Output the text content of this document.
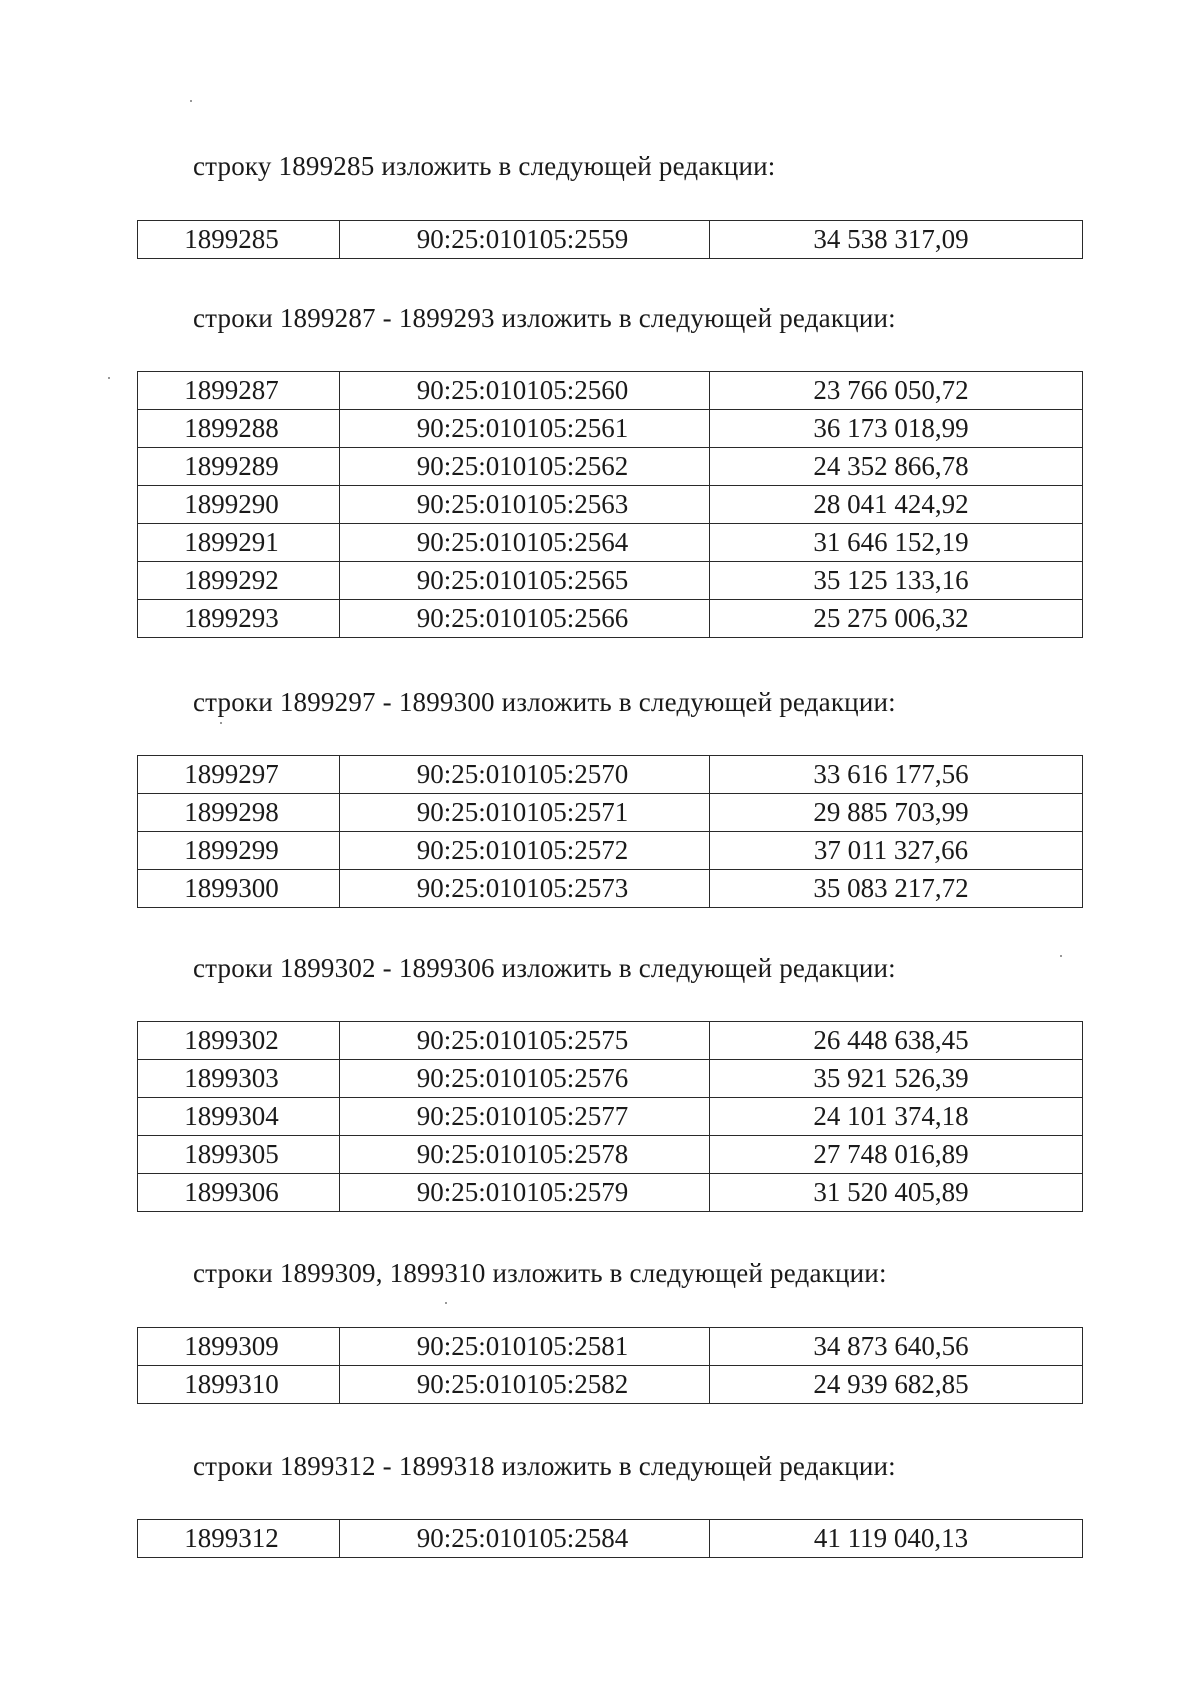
строку 1899285 изложить в следующей редакции:
1899285	90:25:010105:2559	34 538 317,09
строки 1899287 - 1899293 изложить в следующей редакции:
1899287	90:25:010105:2560	23 766 050,72
1899288	90:25:010105:2561	36 173 018,99
1899289	90:25:010105:2562	24 352 866,78
1899290	90:25:010105:2563	28 041 424,92
1899291	90:25:010105:2564	31 646 152,19
1899292	90:25:010105:2565	35 125 133,16
1899293	90:25:010105:2566	25 275 006,32
строки 1899297 - 1899300 изложить в следующей редакции:
1899297	90:25:010105:2570	33 616 177,56
1899298	90:25:010105:2571	29 885 703,99
1899299	90:25:010105:2572	37 011 327,66
1899300	90:25:010105:2573	35 083 217,72
строки 1899302 - 1899306 изложить в следующей редакции:
1899302	90:25:010105:2575	26 448 638,45
1899303	90:25:010105:2576	35 921 526,39
1899304	90:25:010105:2577	24 101 374,18
1899305	90:25:010105:2578	27 748 016,89
1899306	90:25:010105:2579	31 520 405,89
строки 1899309, 1899310 изложить в следующей редакции:
1899309	90:25:010105:2581	34 873 640,56
1899310	90:25:010105:2582	24 939 682,85
строки 1899312 - 1899318 изложить в следующей редакции:
1899312	90:25:010105:2584	41 119 040,13
